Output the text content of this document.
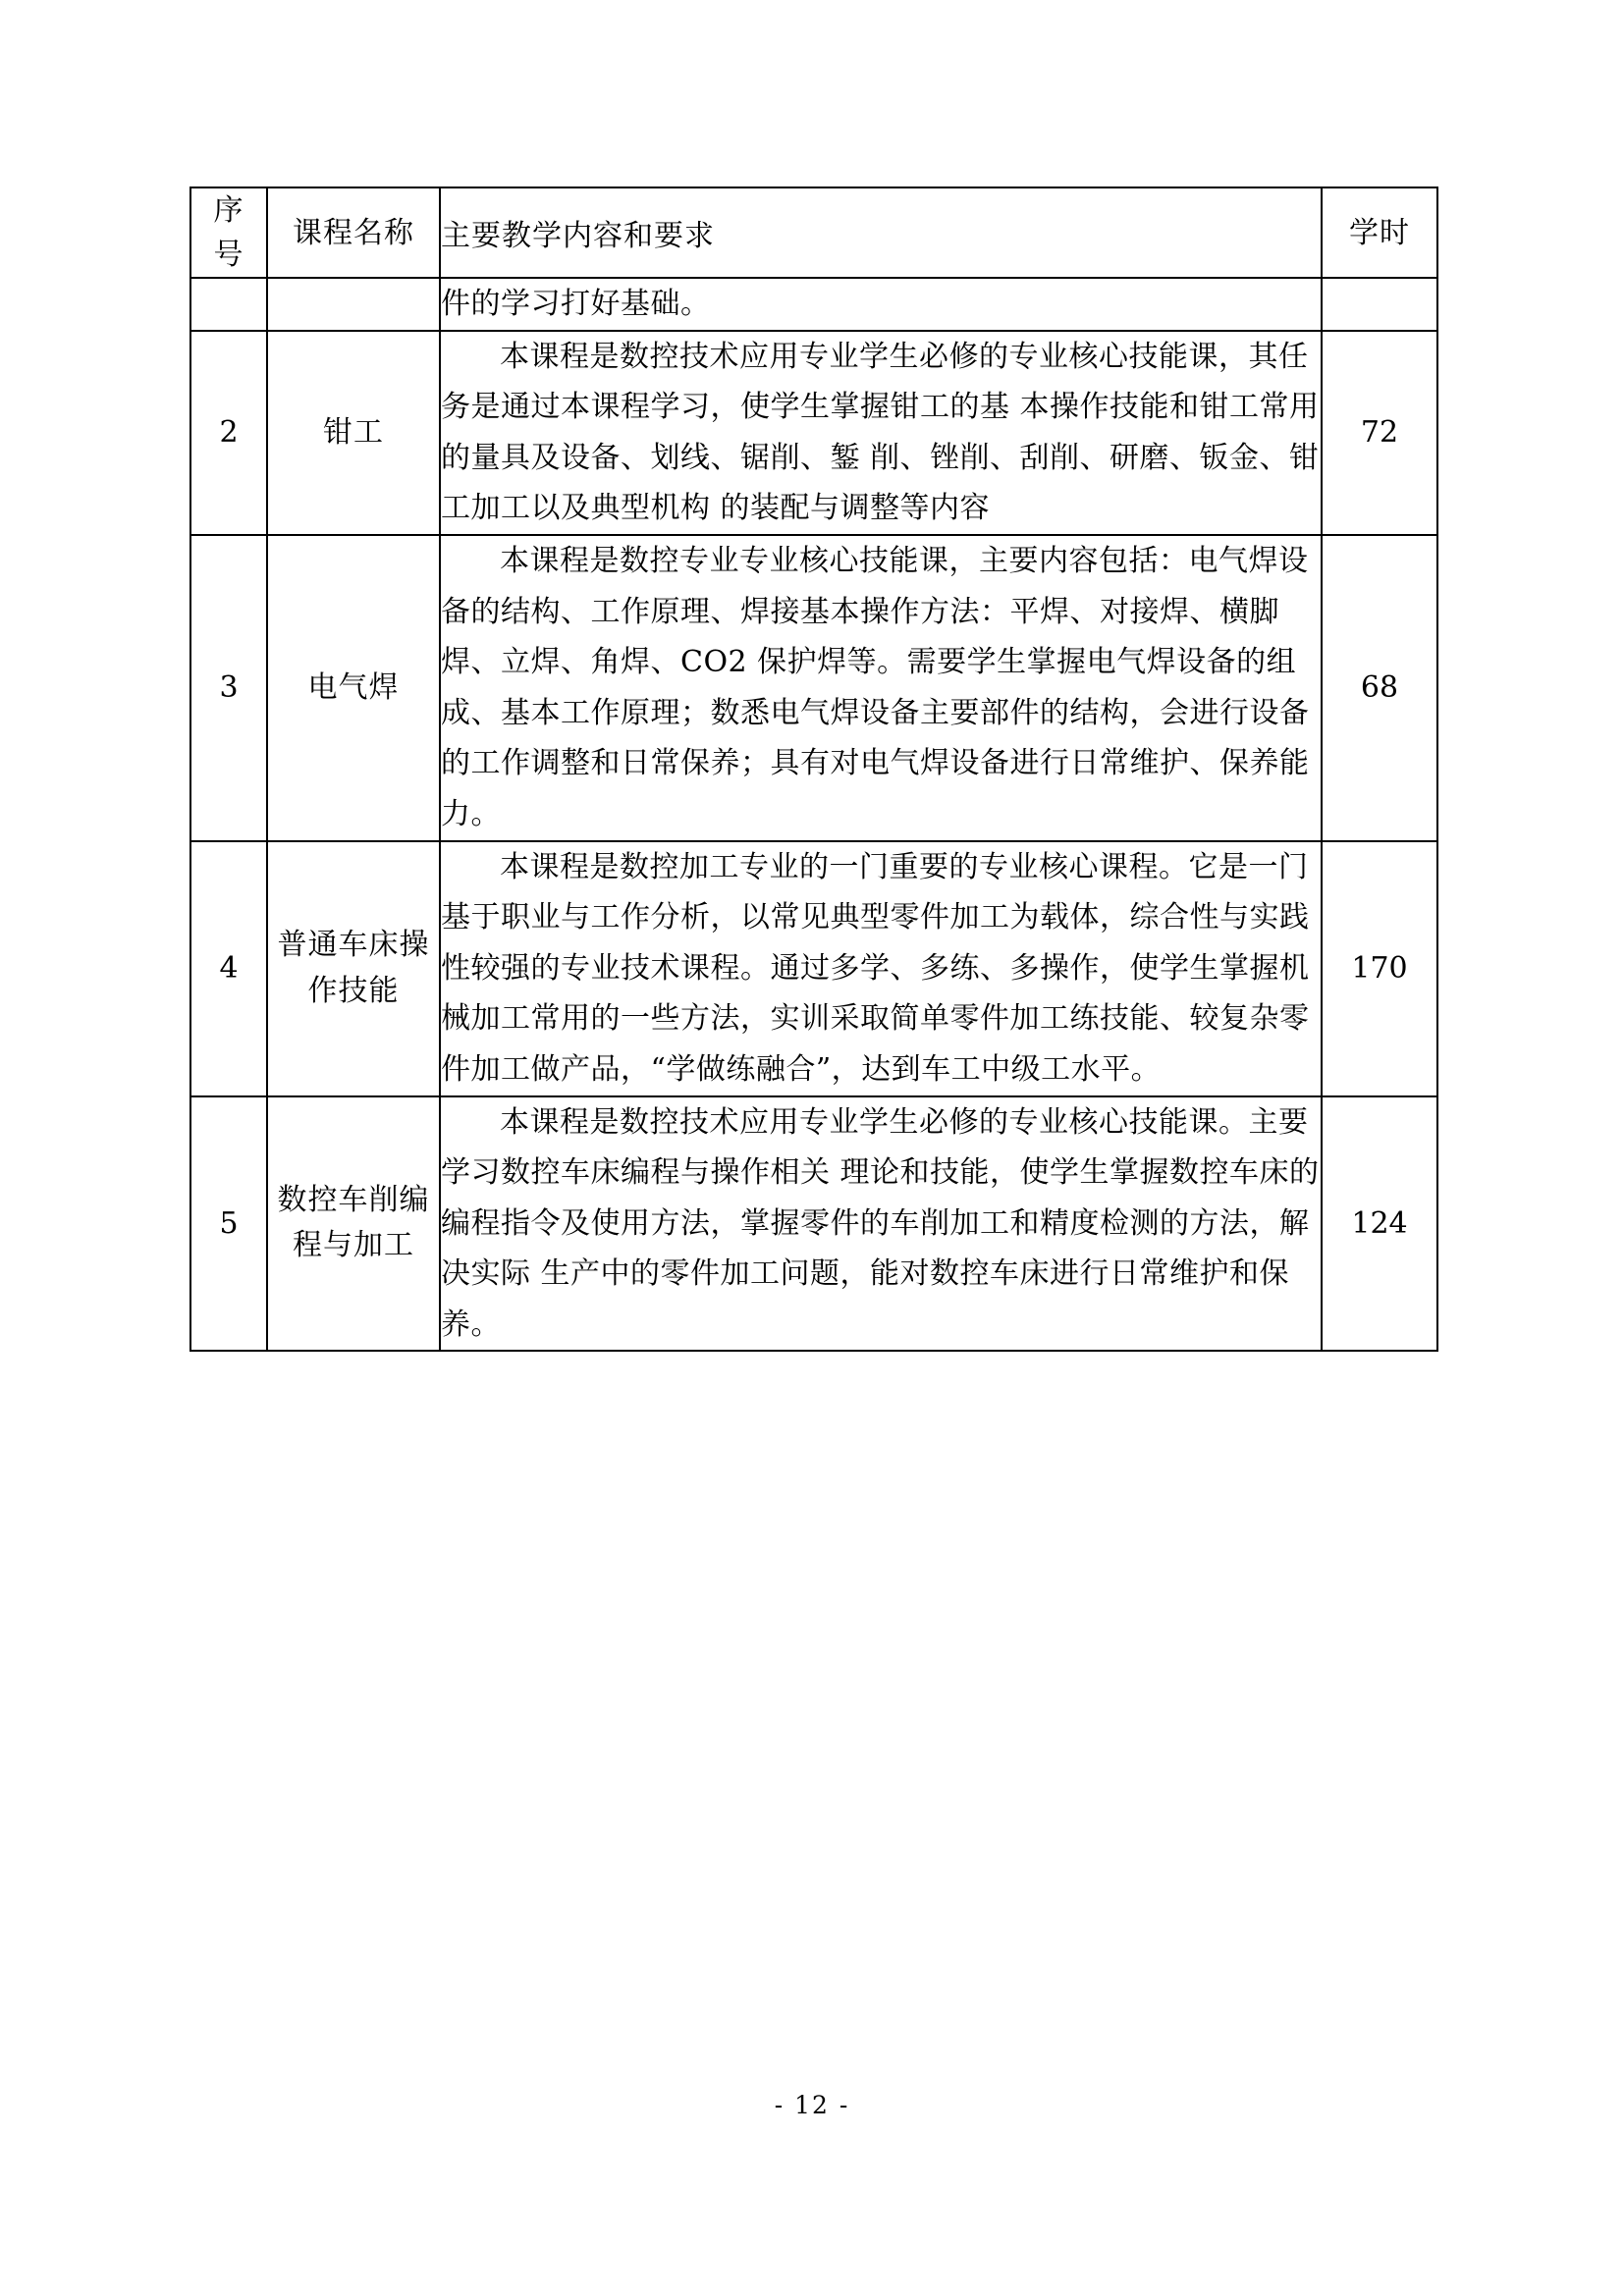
序号	课程名称	主要教学内容和要求	学时
		件的学习打好基础。	
2	钳工	本课程是数控技术应用专业学生必修的专业核心技能课，其任务是通过本课程学习，使学生掌握钳工的基 本操作技能和钳工常用的量具及设备、划线、锯削、錾 削、锉削、刮削、研磨、钣金、钳工加工以及典型机构 的装配与调整等内容	72
3	电气焊	本课程是数控专业专业核心技能课，主要内容包括：电气焊设备的结构、工作原理、焊接基本操作方法：平焊、对接焊、横脚焊、立焊、角焊、CO2 保护焊等。需要学生掌握电气焊设备的组成、基本工作原理；数悉电气焊设备主要部件的结构，会进行设备的工作调整和日常保养；具有对电气焊设备进行日常维护、保养能力。	68
4	普通车床操作技能	本课程是数控加工专业的一门重要的专业核心课程。它是一门基于职业与工作分析，以常见典型零件加工为载体，综合性与实践性较强的专业技术课程。通过多学、多练、多操作，使学生掌握机械加工常用的一些方法，实训采取简单零件加工练技能、较复杂零件加工做产品，“学做练融合”，达到车工中级工水平。	170
5	数控车削编程与加工	本课程是数控技术应用专业学生必修的专业核心技能课。主要学习数控车床编程与操作相关 理论和技能，使学生掌握数控车床的编程指令及使用方法，掌握零件的车削加工和精度检测的方法，解决实际 生产中的零件加工问题，能对数控车床进行日常维护和保养。	124
- 12 -
